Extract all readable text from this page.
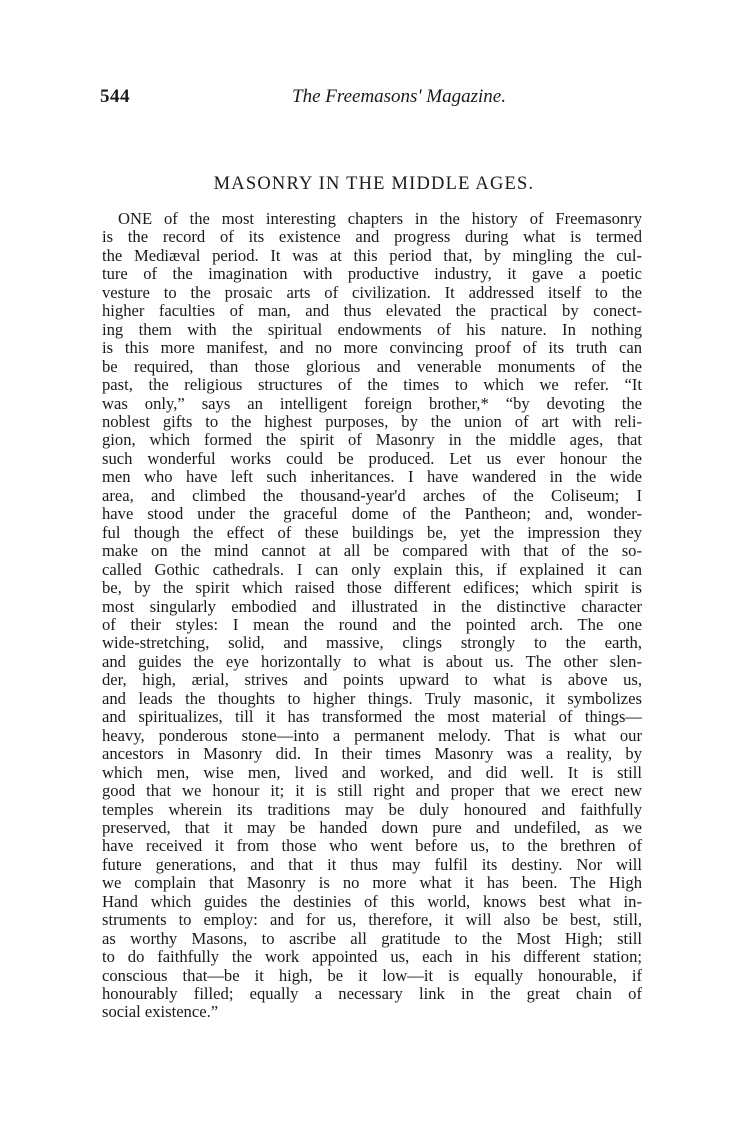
544	The Freemasons' Magazine.
MASONRY IN THE MIDDLE AGES.
ONE of the most interesting chapters in the history of Freemasonry
is the record of its existence and progress during what is termed
the Mediæval period. It was at this period that, by mingling the cul-
ture of the imagination with productive industry, it gave a poetic
vesture to the prosaic arts of civilization. It addressed itself to the
higher faculties of man, and thus elevated the practical by conect-
ing them with the spiritual endowments of his nature. In nothing
is this more manifest, and no more convincing proof of its truth can
be required, than those glorious and venerable monuments of the
past, the religious structures of the times to which we refer. “It
was only,” says an intelligent foreign brother,* “by devoting the
noblest gifts to the highest purposes, by the union of art with reli-
gion, which formed the spirit of Masonry in the middle ages, that
such wonderful works could be produced. Let us ever honour the
men who have left such inheritances. I have wandered in the wide
area, and climbed the thousand-year'd arches of the Coliseum; I
have stood under the graceful dome of the Pantheon; and, wonder-
ful though the effect of these buildings be, yet the impression they
make on the mind cannot at all be compared with that of the so-
called Gothic cathedrals. I can only explain this, if explained it can
be, by the spirit which raised those different edifices; which spirit is
most singularly embodied and illustrated in the distinctive character
of their styles: I mean the round and the pointed arch. The one
wide-stretching, solid, and massive, clings strongly to the earth,
and guides the eye horizontally to what is about us. The other slen-
der, high, ærial, strives and points upward to what is above us,
and leads the thoughts to higher things. Truly masonic, it symbolizes
and spiritualizes, till it has transformed the most material of things—
heavy, ponderous stone—into a permanent melody. That is what our
ancestors in Masonry did. In their times Masonry was a reality, by
which men, wise men, lived and worked, and did well. It is still
good that we honour it; it is still right and proper that we erect new
temples wherein its traditions may be duly honoured and faithfully
preserved, that it may be handed down pure and undefiled, as we
have received it from those who went before us, to the brethren of
future generations, and that it thus may fulfil its destiny. Nor will
we complain that Masonry is no more what it has been. The High
Hand which guides the destinies of this world, knows best what in-
struments to employ: and for us, therefore, it will also be best, still,
as worthy Masons, to ascribe all gratitude to the Most High; still
to do faithfully the work appointed us, each in his different station;
conscious that—be it high, be it low—it is equally honourable, if
honourably filled; equally a necessary link in the great chain of
social existence.”
